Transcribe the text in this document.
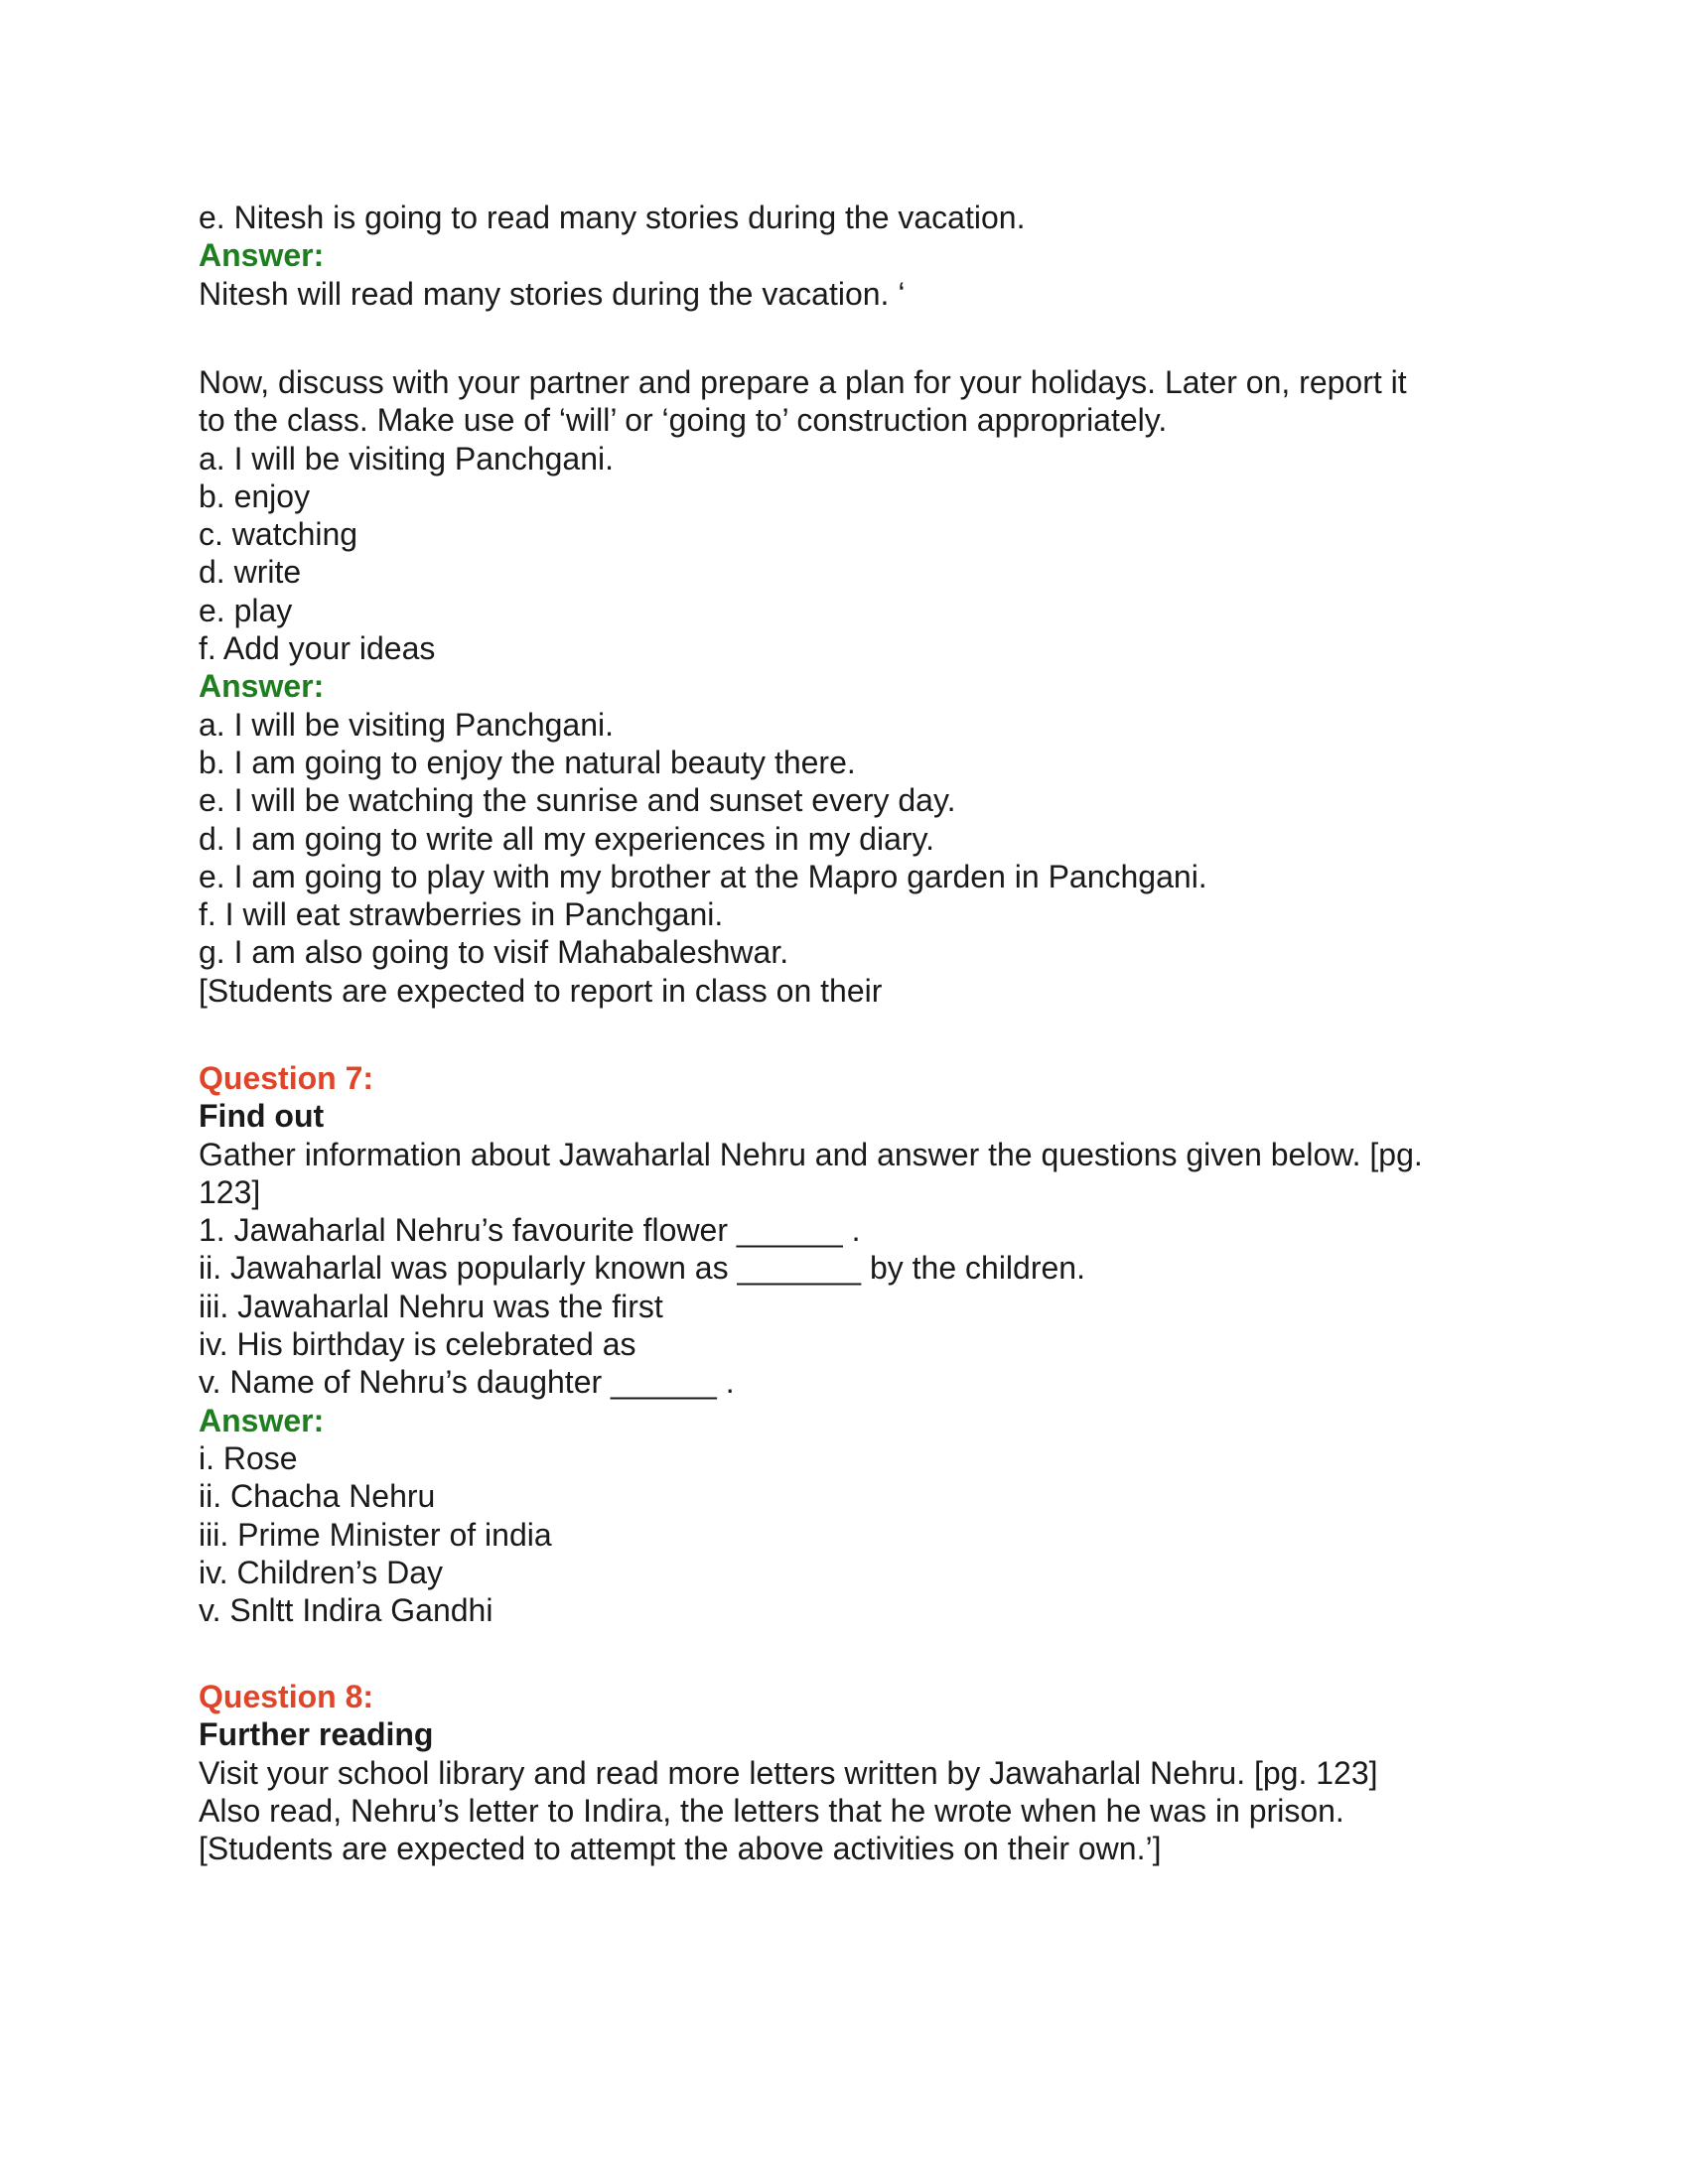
e. Nitesh is going to read many stories during the vacation.
Answer:
Nitesh will read many stories during the vacation. ‘
Now, discuss with your partner and prepare a plan for your holidays. Later on, report it
to the class. Make use of ‘will’ or ‘going to’ construction appropriately.
a. I will be visiting Panchgani.
b. enjoy
c. watching
d. write
e. play
f. Add your ideas
Answer:
a. I will be visiting Panchgani.
b. I am going to enjoy the natural beauty there.
e. I will be watching the sunrise and sunset every day.
d. I am going to write all my experiences in my diary.
e. I am going to play with my brother at the Mapro garden in Panchgani.
f. I will eat strawberries in Panchgani.
g. I am also going to visif Mahabaleshwar.
[Students are expected to report in class on their
Question 7:
Find out
Gather information about Jawaharlal Nehru and answer the questions given below. [pg.
123]
1. Jawaharlal Nehru’s favourite flower ______ .
ii. Jawaharlal was popularly known as _______ by the children.
iii. Jawaharlal Nehru was the first
iv. His birthday is celebrated as
v. Name of Nehru’s daughter ______ .
Answer:
i. Rose
ii. Chacha Nehru
iii. Prime Minister of india
iv. Children’s Day
v. Snltt Indira Gandhi
Question 8:
Further reading
Visit your school library and read more letters written by Jawaharlal Nehru. [pg. 123]
Also read, Nehru’s letter to Indira, the letters that he wrote when he was in prison.
[Students are expected to attempt the above activities on their own.’]
